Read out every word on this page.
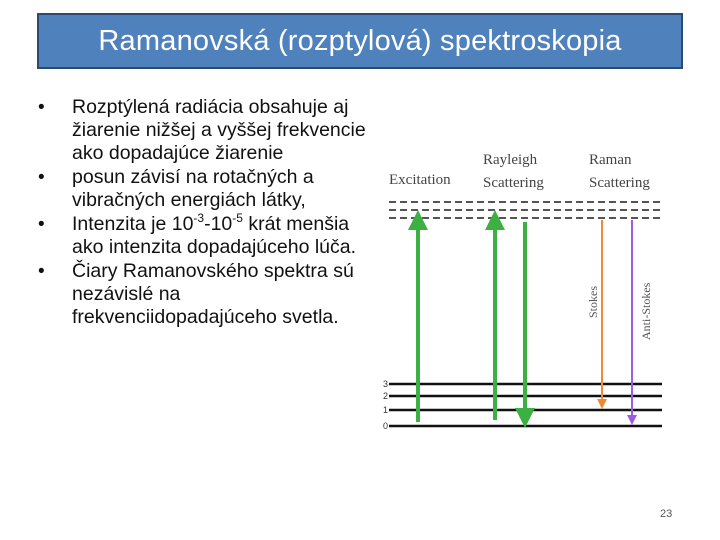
Ramanovská (rozptylová) spektroskopia
• Rozptýlená radiácia obsahuje aj žiarenie nižšej a vyššej frekvencie ako dopadajúce žiarenie
• posun závisí na rotačných a vibračných energiách látky,
• Intenzita je $10^{-3}-10^{-5}$ krát menšia ako intenzita dopadajúceho lúča.
• Čiary Ramanovského spektra sú nezávislé na frekvenciidopadajúceho svetla.
Excitation
Rayleigh
Scattering
Raman
Scattering
3
2
1
0
Stokes	Anti-Stokes
23
